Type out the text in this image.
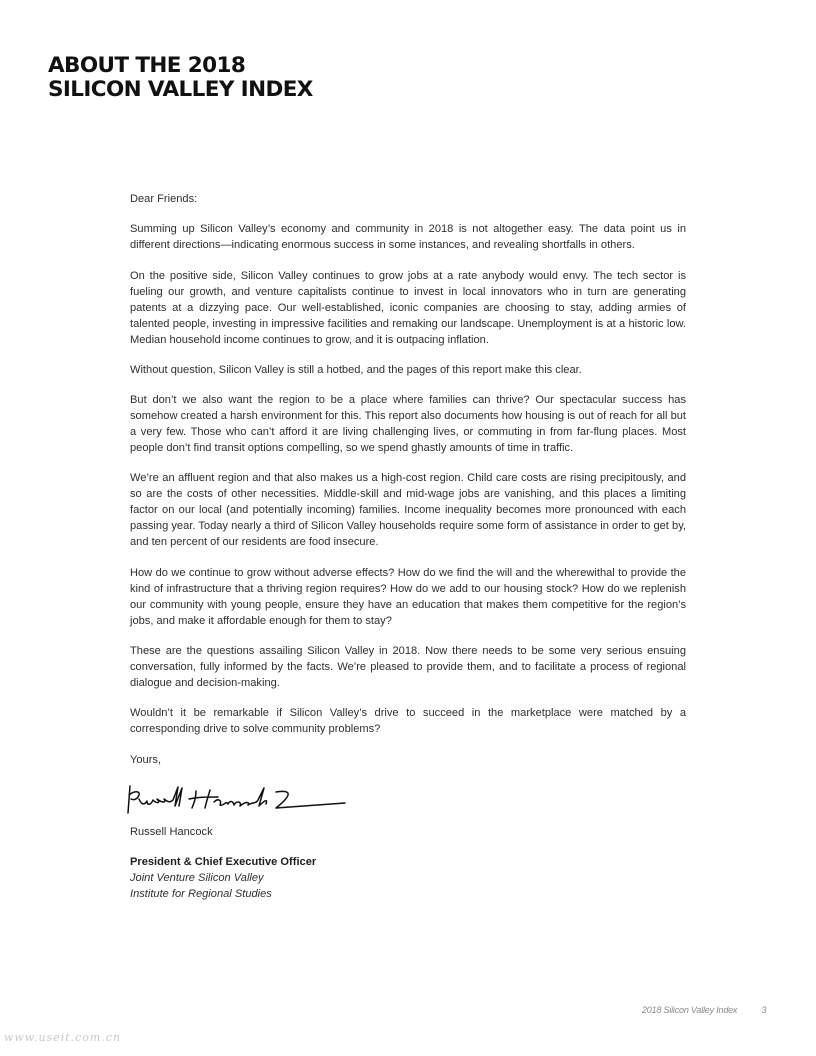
ABOUT THE 2018
SILICON VALLEY INDEX

Dear Friends:

Summing up Silicon Valley’s economy and community in 2018 is not altogether easy. The data point us in different directions—indicating enormous success in some instances, and revealing shortfalls in others.

On the positive side, Silicon Valley continues to grow jobs at a rate anybody would envy. The tech sector is fueling our growth, and venture capitalists continue to invest in local innovators who in turn are generating patents at a dizzying pace. Our well-established, iconic companies are choosing to stay, adding armies of talented people, investing in impressive facilities and remaking our landscape. Unemployment is at a historic low. Median household income continues to grow, and it is outpacing inflation.

Without question, Silicon Valley is still a hotbed, and the pages of this report make this clear.

But don’t we also want the region to be a place where families can thrive? Our spectacular success has somehow created a harsh environment for this. This report also documents how housing is out of reach for all but a very few. Those who can’t afford it are living challenging lives, or commuting in from far-flung places. Most people don’t find transit options compelling, so we spend ghastly amounts of time in traffic.

We’re an affluent region and that also makes us a high-cost region. Child care costs are rising precipitously, and so are the costs of other necessities. Middle-skill and mid-wage jobs are vanishing, and this places a limiting factor on our local (and potentially incoming) families. Income inequality becomes more pronounced with each passing year. Today nearly a third of Silicon Valley households require some form of assistance in order to get by, and ten percent of our residents are food insecure.

How do we continue to grow without adverse effects? How do we find the will and the wherewithal to provide the kind of infrastructure that a thriving region requires? How do we add to our housing stock? How do we replenish our community with young people, ensure they have an education that makes them competitive for the region’s jobs, and make it affordable enough for them to stay?

These are the questions assailing Silicon Valley in 2018. Now there needs to be some very serious ensuing conversation, fully informed by the facts. We’re pleased to provide them, and to facilitate a process of regional dialogue and decision-making.

Wouldn’t it be remarkable if Silicon Valley’s drive to succeed in the marketplace were matched by a corresponding drive to solve community problems?

Yours,

Russell Hancock

President & Chief Executive Officer
Joint Venture Silicon Valley
Institute for Regional Studies
2018 Silicon Valley Index	3
www.useit.com.cn
